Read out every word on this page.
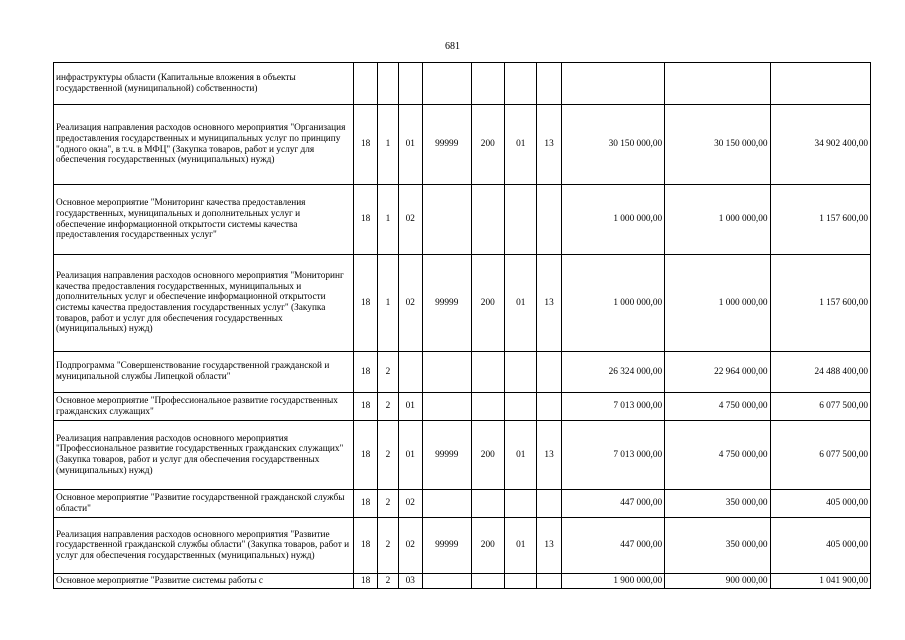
681
инфраструктуры области (Капитальные вложения в объекты государственной (муниципальной) собственности)										
Реализация направления расходов основного мероприятия "Организация предоставления государственных и муниципальных услуг по принципу "одного окна", в т.ч. в МФЦ" (Закупка товаров, работ и услуг для обеспечения государственных (муниципальных) нужд)	18	1	01	99999	200	01	13	30 150 000,00	30 150 000,00	34 902 400,00
Основное мероприятие "Мониторинг качества предоставления государственных, муниципальных и дополнительных услуг и обеспечение информационной открытости системы качества предоставления государственных услуг"	18	1	02					1 000 000,00	1 000 000,00	1 157 600,00
Реализация направления расходов основного мероприятия "Мониторинг качества предоставления государственных, муниципальных и дополнительных услуг и обеспечение информационной открытости системы качества предоставления государственных услуг" (Закупка товаров, работ и услуг для обеспечения государственных (муниципальных) нужд)	18	1	02	99999	200	01	13	1 000 000,00	1 000 000,00	1 157 600,00
Подпрограмма "Совершенствование государственной гражданской и муниципальной службы Липецкой области"	18	2						26 324 000,00	22 964 000,00	24 488 400,00
Основное мероприятие "Профессиональное развитие государственных гражданских служащих"	18	2	01					7 013 000,00	4 750 000,00	6 077 500,00
Реализация направления расходов основного мероприятия "Профессиональное развитие государственных гражданских служащих" (Закупка товаров, работ и услуг для обеспечения государственных (муниципальных) нужд)	18	2	01	99999	200	01	13	7 013 000,00	4 750 000,00	6 077 500,00
Основное мероприятие "Развитие государственной гражданской службы области"	18	2	02					447 000,00	350 000,00	405 000,00
Реализация направления расходов основного мероприятия "Развитие государственной гражданской службы области" (Закупка товаров, работ и услуг для обеспечения государственных (муниципальных) нужд)	18	2	02	99999	200	01	13	447 000,00	350 000,00	405 000,00
Основное мероприятие "Развитие системы работы с	18	2	03					1 900 000,00	900 000,00	1 041 900,00
